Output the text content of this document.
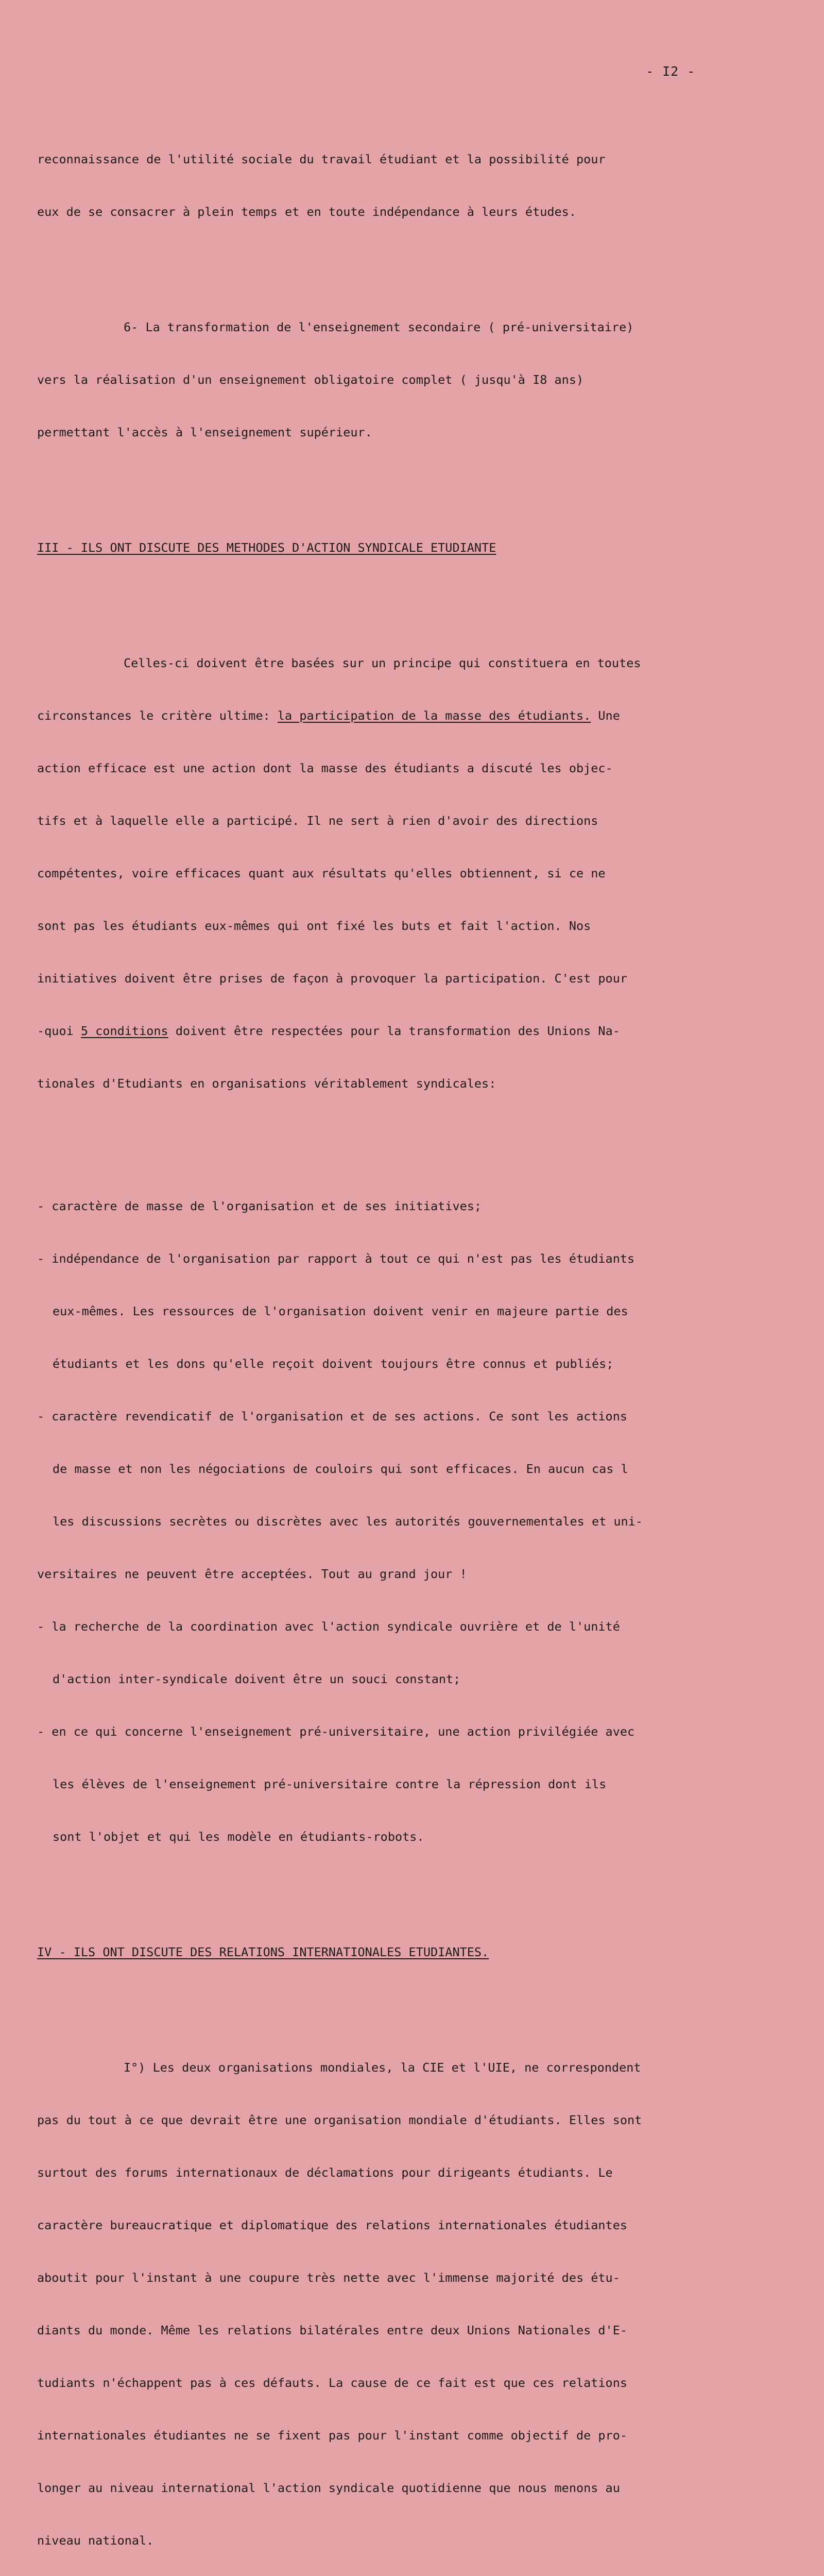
- I2 -

reconnaissance de l'utilité sociale du travail étudiant et la possibilité pour

eux de se consacrer à plein temps et en toute indépendance à leurs études.

6- La transformation de l'enseignement secondaire ( pré-universitaire)

vers la réalisation d'un enseignement obligatoire complet ( jusqu'à I8 ans)

permettant l'accès à l'enseignement supérieur.

III - ILS ONT DISCUTE DES METHODES D'ACTION SYNDICALE ETUDIANTE

Celles-ci doivent être basées sur un principe qui constituera en toutes

circonstances le critère ultime: la participation de la masse des étudiants. Une

action efficace est une action dont la masse des étudiants a discuté les objec-

tifs et à laquelle elle a participé. Il ne sert à rien d'avoir des directions

compétentes, voire efficaces quant aux résultats qu'elles obtiennent, si ce ne

sont pas les étudiants eux-mêmes qui ont fixé les buts et fait l'action. Nos

initiatives doivent être prises de façon à provoquer la participation. C'est pour

-quoi 5 conditions doivent être respectées pour la transformation des Unions Na-

tionales d'Etudiants en organisations véritablement syndicales:

- caractère de masse de l'organisation et de ses initiatives;

- indépendance de l'organisation par rapport à tout ce qui n'est pas les étudiants

eux-mêmes. Les ressources de l'organisation doivent venir en majeure partie des

étudiants et les dons qu'elle reçoit doivent toujours être connus et publiés;

- caractère revendicatif de l'organisation et de ses actions. Ce sont les actions

de masse et non les négociations de couloirs qui sont efficaces. En aucun cas l

les discussions secrètes ou discrètes avec les autorités gouvernementales et uni-

versitaires ne peuvent être acceptées. Tout au grand jour !

- la recherche de la coordination avec l'action syndicale ouvrière et de l'unité

d'action inter-syndicale doivent être un souci constant;

- en ce qui concerne l'enseignement pré-universitaire, une action privilégiée avec

les élèves de l'enseignement pré-universitaire contre la répression dont ils

sont l'objet et qui les modèle en étudiants-robots.

IV - ILS ONT DISCUTE DES RELATIONS INTERNATIONALES ETUDIANTES.

I°) Les deux organisations mondiales, la CIE et l'UIE, ne correspondent

pas du tout à ce que devrait être une organisation mondiale d'étudiants. Elles sont

surtout des forums internationaux de déclamations pour dirigeants étudiants. Le

caractère bureaucratique et diplomatique des relations internationales étudiantes

aboutit pour l'instant à une coupure très nette avec l'immense majorité des étu-

diants du monde. Même les relations bilatérales entre deux Unions Nationales d'E-

tudiants n'échappent pas à ces défauts. La cause de ce fait est que ces relations

internationales étudiantes ne se fixent pas pour l'instant comme objectif de pro-

longer au niveau international l'action syndicale quotidienne que nous menons au

niveau national.
